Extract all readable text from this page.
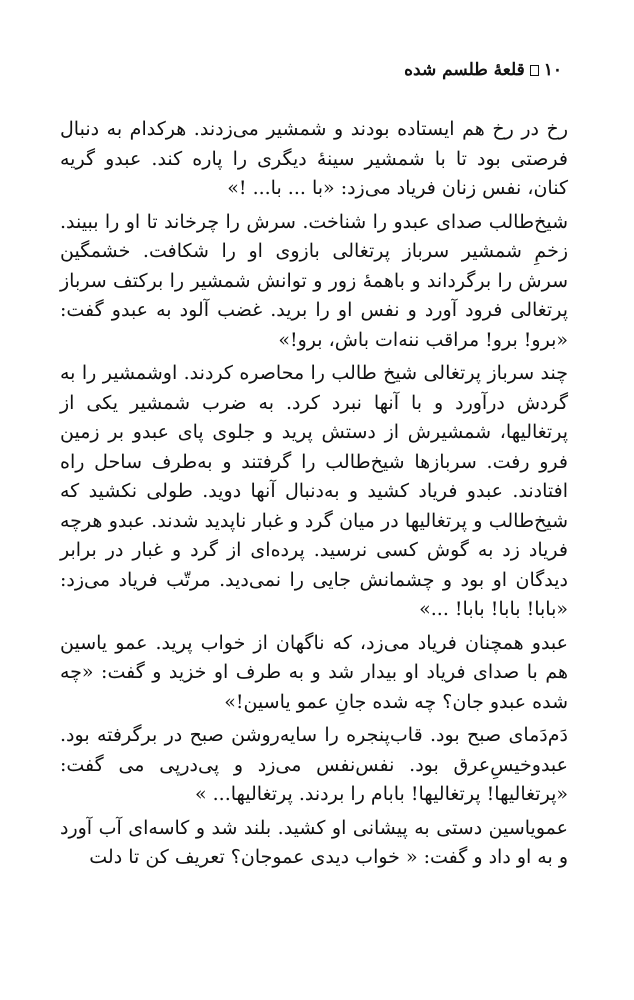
۱۰
قلعهٔ طلسم شده

رخ در رخ هم ایستاده بودند و شمشیر می‌زدند. هرکدام به دنبال فرصتی بود تا با شمشیر سینهٔ دیگری را پاره کند. عبدو گریه کنان، نفس زنان فریاد می‌زد: «با ... با... !»

شیخ‌طالب صدای عبدو را شناخت. سرش را چرخاند تا او را ببیند. زخمِ شمشیر سرباز پرتغالی بازوی او را شکافت. خشمگین سرش را برگرداند و باهمهٔ زور و توانش شمشیر را برکتف سرباز پرتغالی فرود آورد و نفس او را برید. غضب آلود به عبدو گفت: «برو! برو! مراقب ننه‌ات باش، برو!»

چند سرباز پرتغالی شیخ طالب را محاصره کردند. اوشمشیر را به گردش درآورد و با آنها نبرد کرد. به ضرب شمشیر یکی از پرتغالیها، شمشیرش از دستش پرید و جلوی پای عبدو بر زمین فرو رفت. سربازها شیخ‌طالب را گرفتند و به‌طرف ساحل راه افتادند. عبدو فریاد کشید و به‌دنبال آنها دوید. طولی نکشید که شیخ‌طالب و پرتغالیها در میان گرد و غبار ناپدید شدند. عبدو هرچه فریاد زد به گوش کسی نرسید. پرده‌ای از گرد و غبار در برابر دیدگان او بود و چشمانش جایی را نمی‌دید. مرتّب فریاد می‌زد: «بابا! بابا! بابا! ...»

عبدو همچنان فریاد می‌زد، که ناگهان از خواب پرید. عمو یاسین هم با صدای فریاد او بیدار شد و به طرف او خزید و گفت: «چه شده عبدو جان؟ چه شده جانِ عمو یاسین!»

دَم‌دَمای صبح بود. قاب‌پنجره را سایه‌روشن صبح در برگرفته بود. عبدوخیسِ‌عرق بود. نفس‌نفس می‌زد و پی‌درپی می گفت: «پرتغالیها! پرتغالیها! بابام را بردند. پرتغالیها... »

عمویاسین دستی به پیشانی او کشید. بلند شد و کاسه‌ای آب آورد و به او داد و گفت: « خواب دیدی عموجان؟ تعریف کن تا دلت
